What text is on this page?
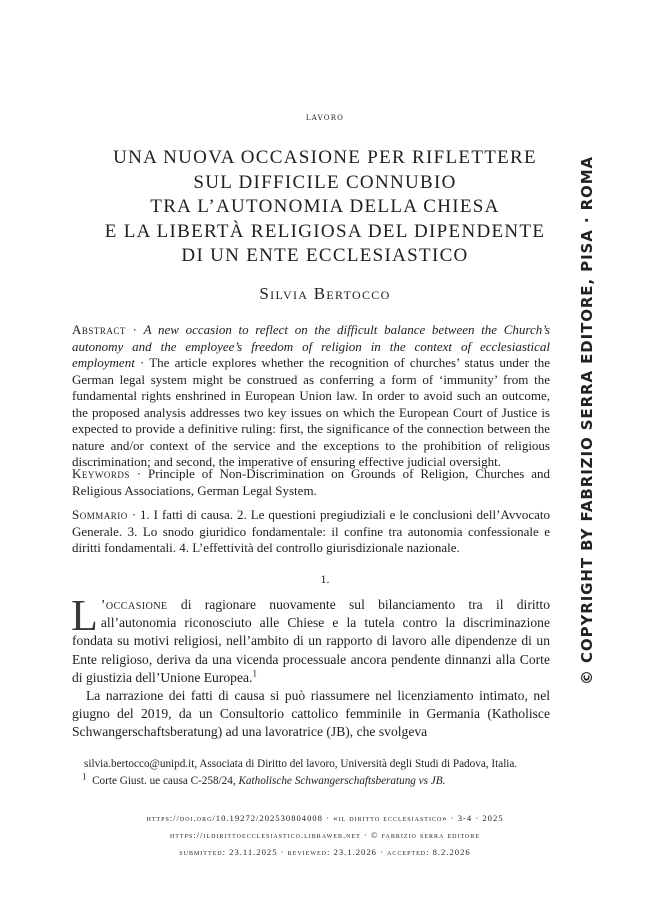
lavoro
UNA NUOVA OCCASIONE PER RIFLETTERE
SUL DIFFICILE CONNUBIO
TRA L’AUTONOMIA DELLA CHIESA
E LA LIBERTÀ RELIGIOSA DEL DIPENDENTE
DI UN ENTE ECCLESIASTICO
Silvia Bertocco
Abstract · A new occasion to reflect on the difficult balance between the Church’s autonomy and the employee’s freedom of religion in the context of ecclesiastical employment · The article explores whether the recognition of churches’ status under the German legal system might be construed as conferring a form of ‘immunity’ from the fundamental rights enshrined in European Union law. In order to avoid such an outcome, the proposed analysis addresses two key issues on which the European Court of Justice is expected to provide a definitive ruling: first, the significance of the connection between the nature and/or context of the service and the exceptions to the prohibition of religious discrimination; and second, the imperative of ensuring effective judicial oversight.
Keywords · Principle of Non-Discrimination on Grounds of Religion, Churches and Religious Associations, German Legal System.
Sommario · 1. I fatti di causa. 2. Le questioni pregiudiziali e le conclusioni dell’Avvocato Generale. 3. Lo snodo giuridico fondamentale: il confine tra autonomia confessionale e diritti fondamentali. 4. L’effettività del controllo giurisdizionale nazionale.
1.

L ’occasione di ragionare nuovamente sul bilanciamento tra il diritto all’autonomia riconosciuto alle Chiese e la tutela contro la discriminazione fondata su motivi religiosi, nell’ambito di un rapporto di lavoro alle dipendenze di un Ente religioso, deriva da una vicenda processuale ancora pendente dinnanzi alla Corte di giustizia dell’Unione Europea.$^1$

La narrazione dei fatti di causa si può riassumere nel licenziamento intimato, nel giugno del 2019, da un Consultorio cattolico femminile in Germania (Katholisce Schwangerschaftsberatung) ad una lavoratrice (JB), che svolgeva

silvia.bertocco@unipd.it, Associata di Diritto del lavoro, Università degli Studi di Padova, Italia.
$^1$ Corte Giust. ue causa C-258/24, Katholische Schwangerschaftsberatung vs JB.
https://doi.org/10.19272/202530804008 · «il diritto ecclesiastico» · 3-4 · 2025
https://ildirittoecclesiastico.libraweb.net · © fabrizio serra editore
submitted: 23.11.2025 · reviewed: 23.1.2026 · accepted: 8.2.2026
© COPYRIGHT BY FABRIZIO SERRA EDITORE, PISA · ROMA
